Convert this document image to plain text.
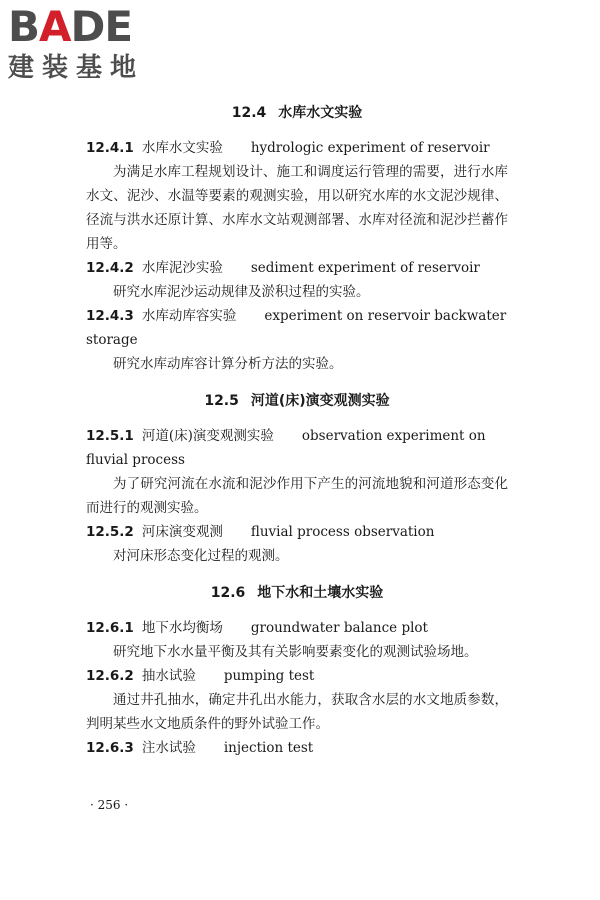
BADE
建装基地
12.4 水库水文实验

12.4.1 水库水文实验 hydrologic experiment of reservoir

为满足水库工程规划设计、施工和调度运行管理的需要，进行水库水文、泥沙、水温等要素的观测实验，用以研究水库的水文泥沙规律、径流与洪水还原计算、水库水文站观测部署、水库对径流和泥沙拦蓄作用等。

12.4.2 水库泥沙实验 sediment experiment of reservoir

研究水库泥沙运动规律及淤积过程的实验。

12.4.3 水库动库容实验 experiment on reservoir backwater storage

研究水库动库容计算分析方法的实验。

12.5 河道(床)演变观测实验

12.5.1 河道(床)演变观测实验 observation experiment on fluvial process

为了研究河流在水流和泥沙作用下产生的河流地貌和河道形态变化而进行的观测实验。

12.5.2 河床演变观测 fluvial process observation

对河床形态变化过程的观测。

12.6 地下水和土壤水实验

12.6.1 地下水均衡场 groundwater balance plot

研究地下水水量平衡及其有关影响要素变化的观测试验场地。

12.6.2 抽水试验 pumping test

通过井孔抽水，确定井孔出水能力，获取含水层的水文地质参数，判明某些水文地质条件的野外试验工作。

12.6.3 注水试验 injection test

· 256 ·
